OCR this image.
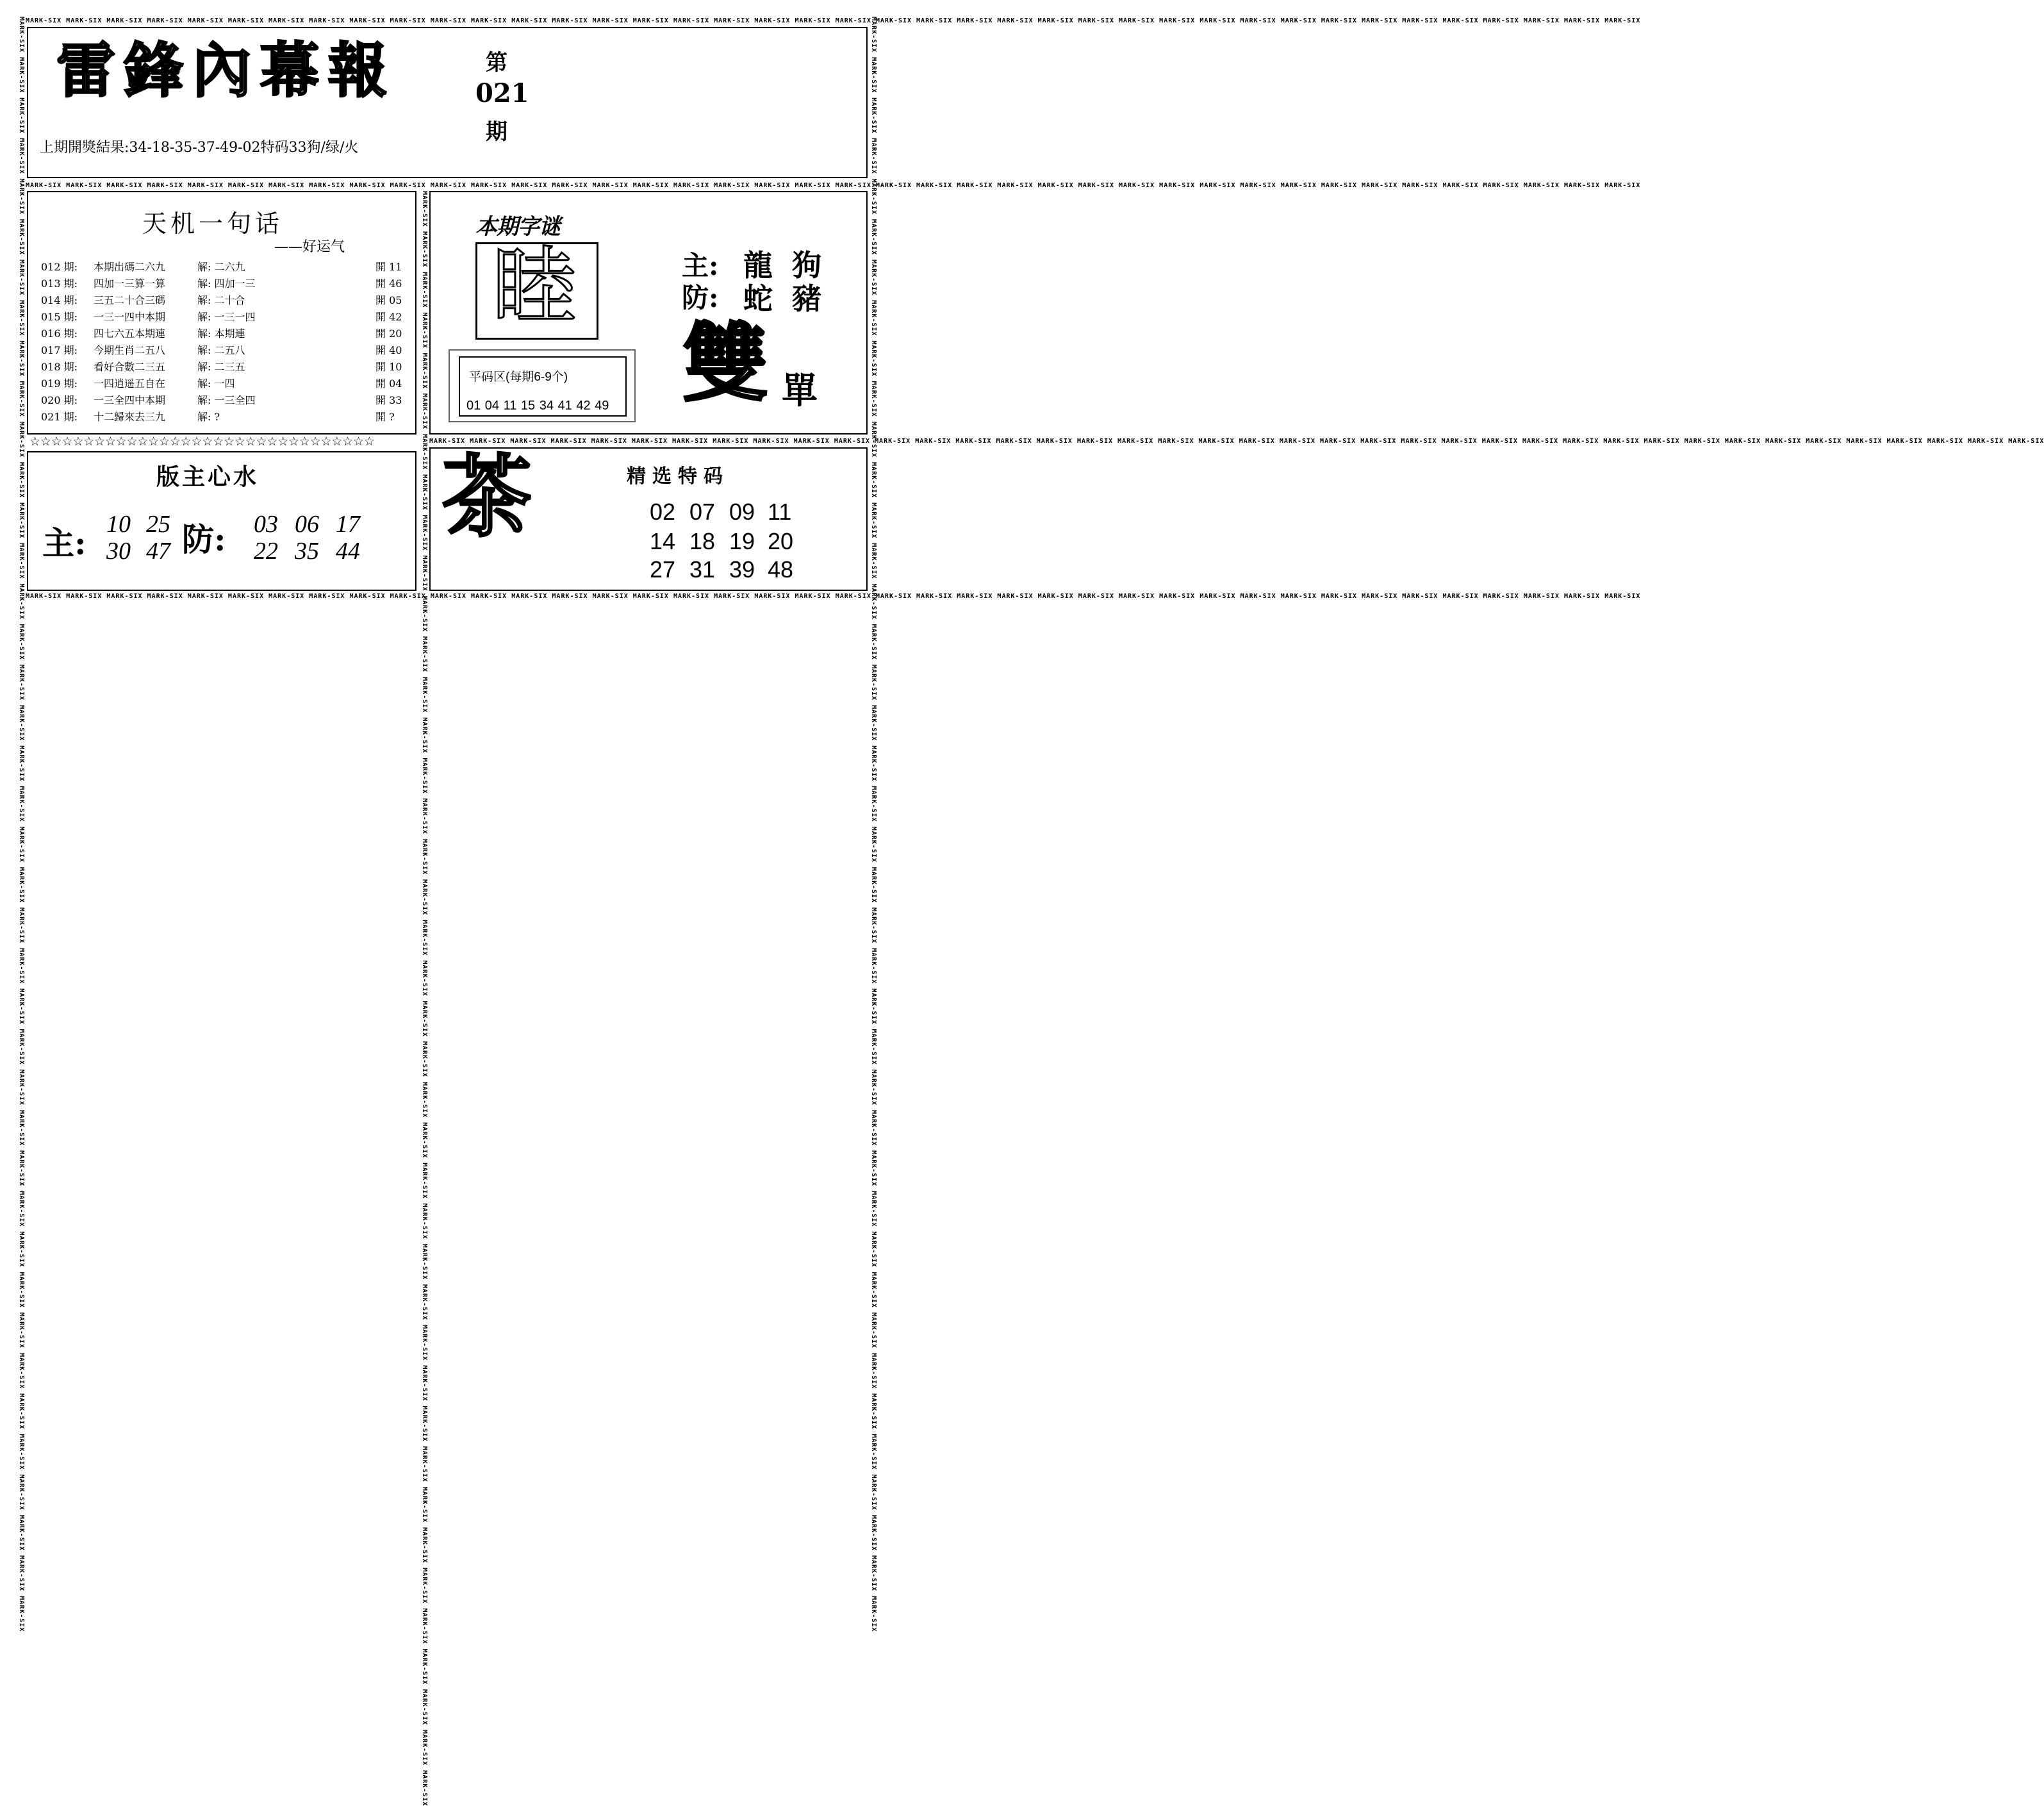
MARK-SIX MARK-SIX MARK-SIX MARK-SIX MARK-SIX MARK-SIX MARK-SIX MARK-SIX MARK-SIX MARK-SIX MARK-SIX MARK-SIX MARK-SIX MARK-SIX MARK-SIX MARK-SIX MARK-SIX MARK-SIX MARK-SIX MARK-SIX MARK-SIX MARK-SIX MARK-SIX MARK-SIX MARK-SIX MARK-SIX MARK-SIX MARK-SIX MARK-SIX MARK-SIX MARK-SIX MARK-SIX MARK-SIX MARK-SIX MARK-SIX MARK-SIX MARK-SIX MARK-SIX MARK-SIX MARK-SIX
MARK-SIX MARK-SIX MARK-SIX MARK-SIX MARK-SIX MARK-SIX MARK-SIX MARK-SIX MARK-SIX MARK-SIX MARK-SIX MARK-SIX MARK-SIX MARK-SIX MARK-SIX MARK-SIX MARK-SIX MARK-SIX MARK-SIX MARK-SIX MARK-SIX MARK-SIX MARK-SIX MARK-SIX MARK-SIX MARK-SIX MARK-SIX MARK-SIX MARK-SIX MARK-SIX MARK-SIX MARK-SIX MARK-SIX MARK-SIX MARK-SIX MARK-SIX MARK-SIX MARK-SIX MARK-SIX MARK-SIX
MARK-SIX MARK-SIX MARK-SIX MARK-SIX MARK-SIX MARK-SIX MARK-SIX MARK-SIX MARK-SIX MARK-SIX MARK-SIX MARK-SIX MARK-SIX MARK-SIX MARK-SIX MARK-SIX MARK-SIX MARK-SIX MARK-SIX MARK-SIX MARK-SIX MARK-SIX MARK-SIX MARK-SIX MARK-SIX MARK-SIX MARK-SIX MARK-SIX MARK-SIX MARK-SIX MARK-SIX MARK-SIX MARK-SIX MARK-SIX MARK-SIX MARK-SIX MARK-SIX MARK-SIX MARK-SIX MARK-SIX
MARK-SIX MARK-SIX MARK-SIX MARK-SIX MARK-SIX MARK-SIX MARK-SIX MARK-SIX MARK-SIX MARK-SIX MARK-SIX MARK-SIX MARK-SIX MARK-SIX MARK-SIX MARK-SIX MARK-SIX MARK-SIX MARK-SIX MARK-SIX MARK-SIX MARK-SIX MARK-SIX MARK-SIX MARK-SIX MARK-SIX MARK-SIX MARK-SIX MARK-SIX MARK-SIX MARK-SIX MARK-SIX MARK-SIX MARK-SIX MARK-SIX MARK-SIX MARK-SIX MARK-SIX MARK-SIX MARK-SIX	MARK-SIX MARK-SIX MARK-SIX MARK-SIX MARK-SIX MARK-SIX MARK-SIX MARK-SIX MARK-SIX MARK-SIX MARK-SIX MARK-SIX MARK-SIX MARK-SIX MARK-SIX MARK-SIX MARK-SIX MARK-SIX MARK-SIX MARK-SIX MARK-SIX MARK-SIX MARK-SIX MARK-SIX MARK-SIX MARK-SIX MARK-SIX MARK-SIX MARK-SIX MARK-SIX MARK-SIX MARK-SIX MARK-SIX MARK-SIX MARK-SIX MARK-SIX MARK-SIX MARK-SIX MARK-SIX MARK-SIX
MARK-SIX MARK-SIX MARK-SIX MARK-SIX MARK-SIX MARK-SIX MARK-SIX MARK-SIX MARK-SIX MARK-SIX MARK-SIX MARK-SIX MARK-SIX MARK-SIX MARK-SIX MARK-SIX MARK-SIX MARK-SIX MARK-SIX MARK-SIX MARK-SIX MARK-SIX MARK-SIX MARK-SIX MARK-SIX MARK-SIX MARK-SIX MARK-SIX MARK-SIX MARK-SIX MARK-SIX MARK-SIX MARK-SIX MARK-SIX MARK-SIX MARK-SIX MARK-SIX MARK-SIX MARK-SIX MARK-SIX MARK-SIX MARK-SIX MARK-SIX MARK-SIX MARK-SIX MARK-SIX MARK-SIX MARK-SIX MARK-SIX MARK-SIX MARK-SIX MARK-SIX MARK-SIX MARK-SIX MARK-SIX MARK-SIX MARK-SIX MARK-SIX MARK-SIX MARK-SIX MARK-SIX MARK-SIX MARK-SIX MARK-SIX MARK-SIX MARK-SIX MARK-SIX MARK-SIX MARK-SIX MARK-SIX MARK-SIX MARK-SIX MARK-SIX MARK-SIX MARK-SIX MARK-SIX MARK-SIX MARK-SIX MARK-SIX MARK-SIX
雷鋒內幕報	第
021
期
上期開獎結果:34-18-35-37-49-02特码33狗/绿/火
天机一句话
——好运气
012 期: 本期出碼二六九	解: 二六九	開 11
013 期: 四加一三算一算	解: 四加一三	開 46
014 期: 三五二十合三碼	解: 二十合	開 05
015 期: 一三一四中本期	解: 一三一四	開 42
016 期: 四七六五本期連	解: 本期連	開 20
017 期: 今期生肖二五八	解: 二五八	開 40
018 期: 看好合數二三五	解: 二三五	開 10
019 期: 一四逍遥五自在	解: 一四	開 04
020 期: 一三全四中本期	解: 一三全四	開 33
021 期: 十二歸來去三九	解: ?	開 ?
☆☆☆☆☆☆☆☆☆☆☆☆☆☆☆☆☆☆☆☆☆☆☆☆☆☆☆☆☆☆☆☆
版主心水
主: 10 25
30 47 防: 03 06 17
22 35 44
本期字谜
睦
平码区(每期6-9个)
01 04 11 15 34 41 42 49
主: 龍 狗
防: 蛇 豬
雙 單
茶	精选特码
02 07 09 11
14 18 19 20
27 31 39 48
